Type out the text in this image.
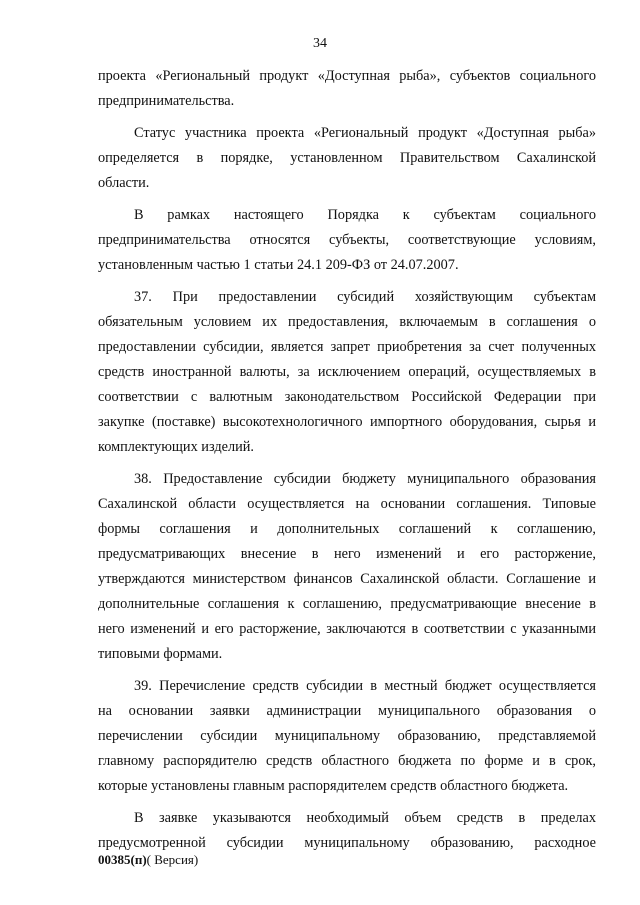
34
проекта «Региональный продукт «Доступная рыба», субъектов социального
предпринимательства.
Статус участника проекта «Региональный продукт «Доступная рыба»
определяется в порядке, установленном Правительством Сахалинской
области.
В рамках настоящего Порядка к субъектам социального
предпринимательства относятся субъекты, соответствующие условиям,
установленным частью 1 статьи 24.1 209-ФЗ от 24.07.2007.
37. При предоставлении субсидий хозяйствующим субъектам
обязательным условием их предоставления, включаемым в соглашения о
предоставлении субсидии, является запрет приобретения за счет полученных
средств иностранной валюты, за исключением операций, осуществляемых в
соответствии с валютным законодательством Российской Федерации при
закупке (поставке) высокотехнологичного импортного оборудования, сырья и
комплектующих изделий.
38. Предоставление субсидии бюджету муниципального образования
Сахалинской области осуществляется на основании соглашения. Типовые
формы соглашения и дополнительных соглашений к соглашению,
предусматривающих внесение в него изменений и его расторжение,
утверждаются министерством финансов Сахалинской области. Соглашение и
дополнительные соглашения к соглашению, предусматривающие внесение в
него изменений и его расторжение, заключаются в соответствии с указанными
типовыми формами.
39. Перечисление средств субсидии в местный бюджет осуществляется
на основании заявки администрации муниципального образования о
перечислении субсидии муниципальному образованию, представляемой
главному распорядителю средств областного бюджета по форме и в срок,
которые установлены главным распорядителем средств областного бюджета.
В заявке указываются необходимый объем средств в пределах
предусмотренной субсидии муниципальному образованию, расходное
00385(п)( Версия)
